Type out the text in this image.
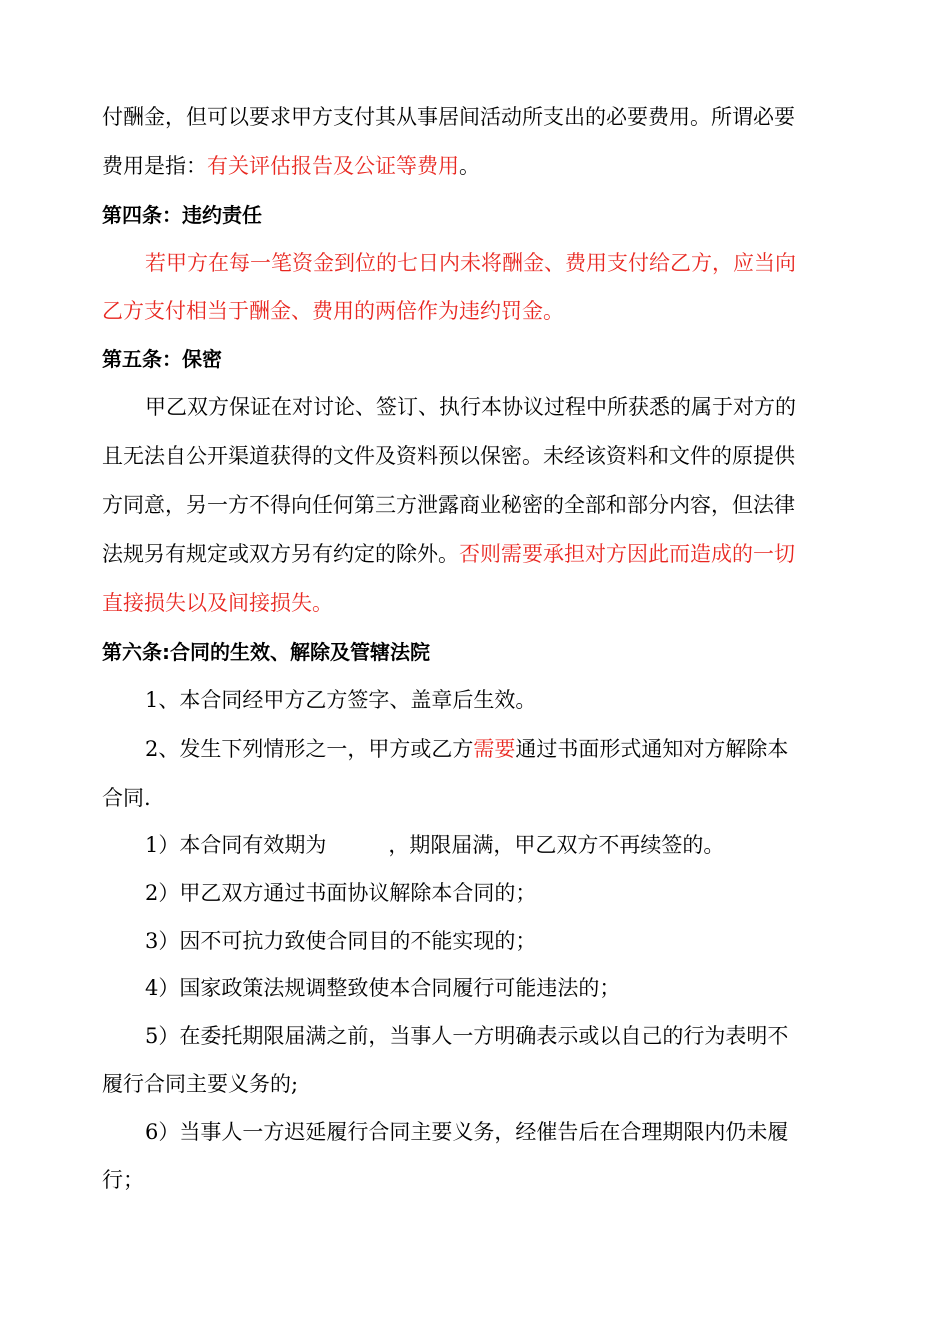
付酬金，但可以要求甲方支付其从事居间活动所支出的必要费用。所谓必要
费用是指：有关评估报告及公证等费用。
第四条：违约责任
若甲方在每一笔资金到位的七日内未将酬金、费用支付给乙方，应当向
乙方支付相当于酬金、费用的两倍作为违约罚金。
第五条：保密
甲乙双方保证在对讨论、签订、执行本协议过程中所获悉的属于对方的
且无法自公开渠道获得的文件及资料预以保密。未经该资料和文件的原提供
方同意，另一方不得向任何第三方泄露商业秘密的全部和部分内容，但法律
法规另有规定或双方另有约定的除外。否则需要承担对方因此而造成的一切
直接损失以及间接损失。
第六条:合同的生效、解除及管辖法院
1、本合同经甲方乙方签字、盖章后生效。
2、发生下列情形之一，甲方或乙方需要通过书面形式通知对方解除本
合同.
1）本合同有效期为	，期限届满，甲乙双方不再续签的。
2）甲乙双方通过书面协议解除本合同的；
3）因不可抗力致使合同目的不能实现的；
4）国家政策法规调整致使本合同履行可能违法的；
5）在委托期限届满之前，当事人一方明确表示或以自己的行为表明不
履行合同主要义务的;
6）当事人一方迟延履行合同主要义务，经催告后在合理期限内仍未履
行；
